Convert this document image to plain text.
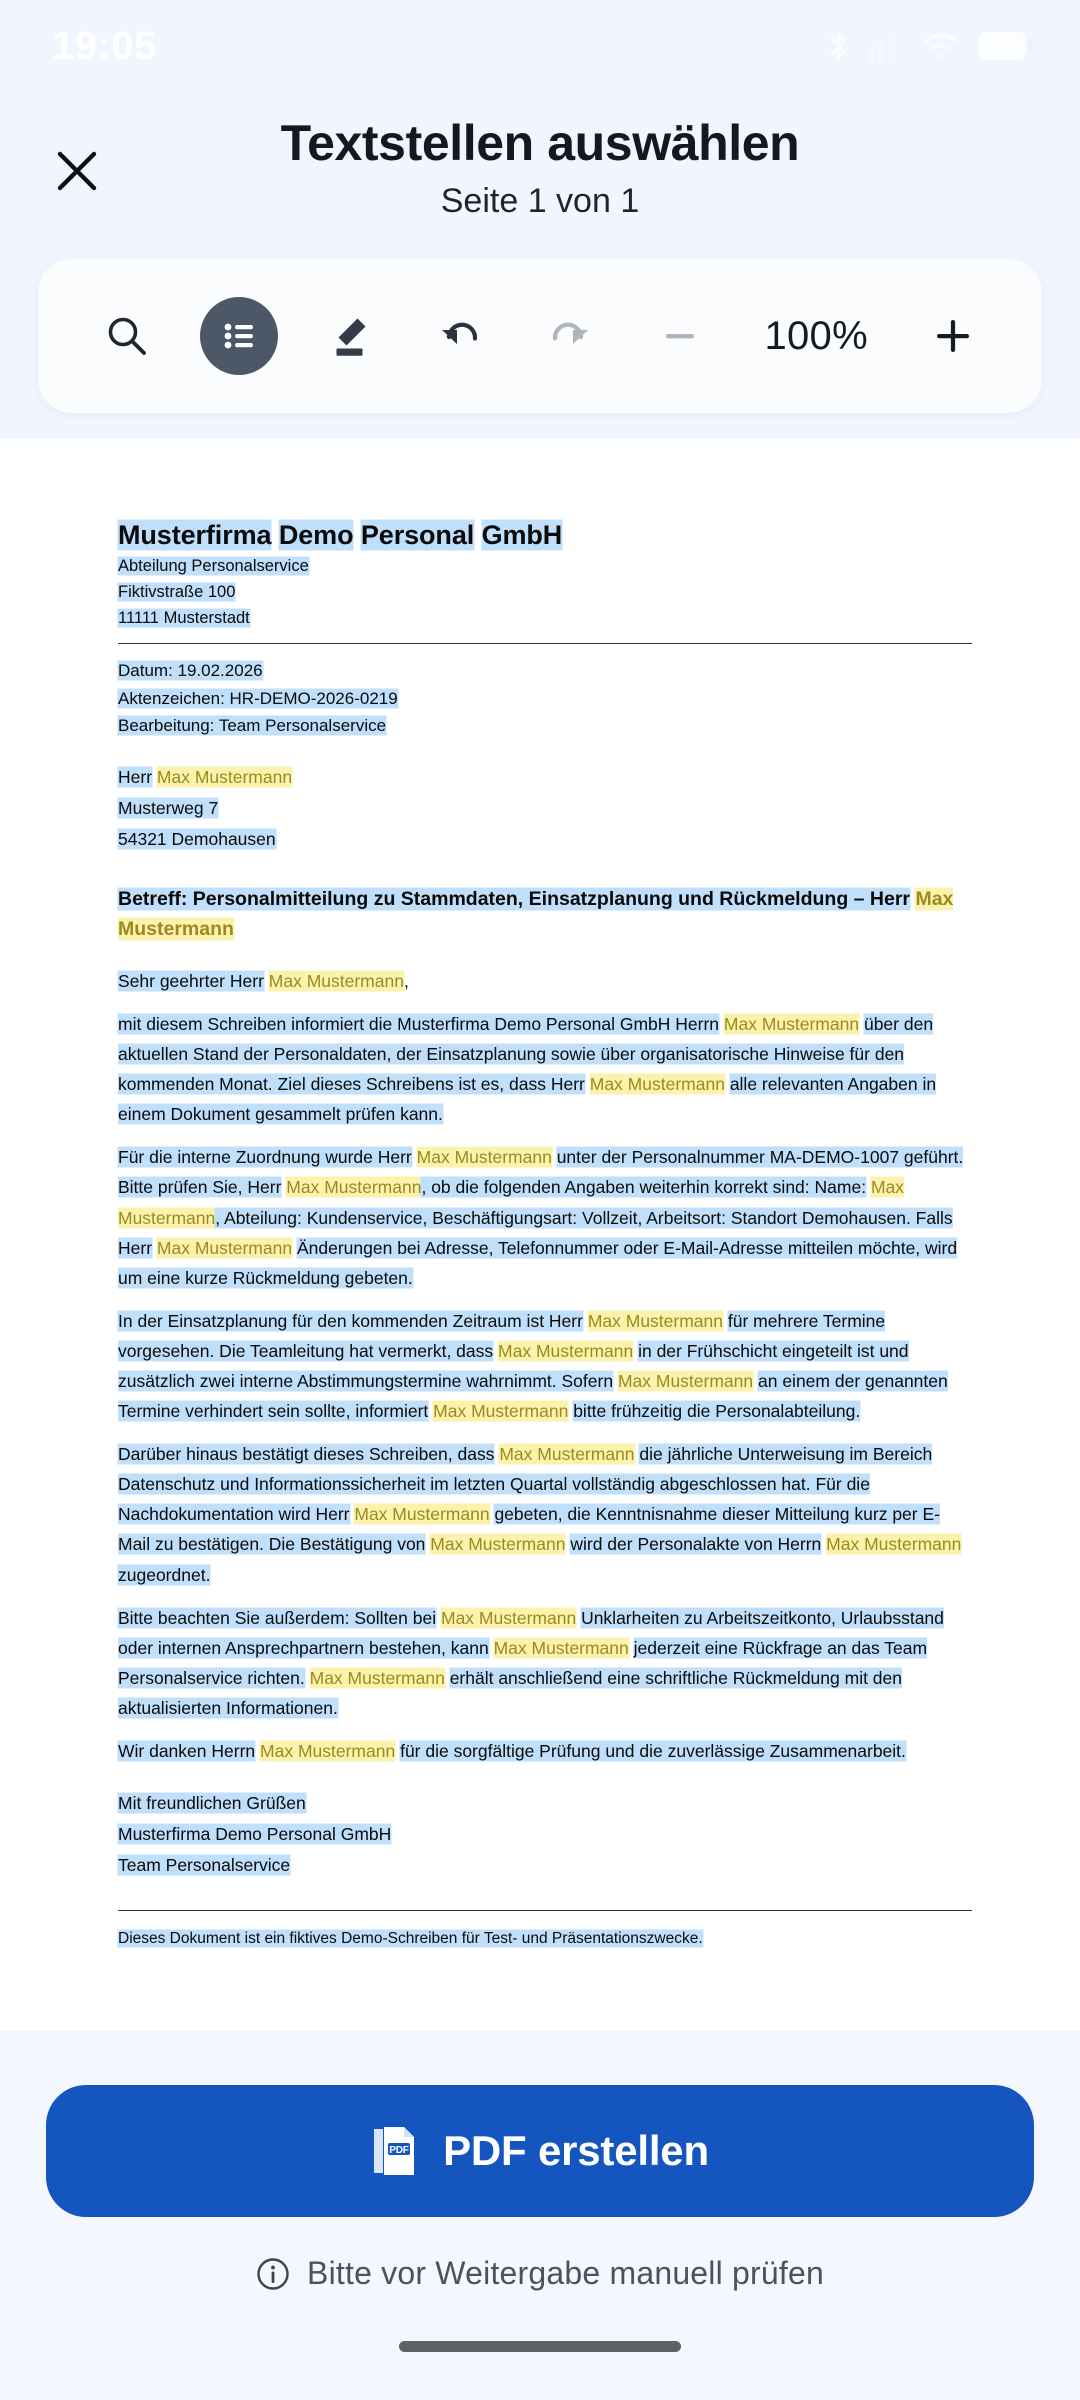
19:05
Textstellen auswählen
Seite 1 von 1
100%
Musterfirma Demo Personal GmbH
Abteilung Personalservice
Fiktivstraße 100
11111 Musterstadt
Datum: 19.02.2026
Aktenzeichen: HR-DEMO-2026-0219
Bearbeitung: Team Personalservice
Herr Max Mustermann
Musterweg 7
54321 Demohausen
Betreff: Personalmitteilung zu Stammdaten, Einsatzplanung und Rückmeldung – Herr Max Mustermann
Sehr geehrter Herr Max Mustermann,
mit diesem Schreiben informiert die Musterfirma Demo Personal GmbH Herrn Max Mustermann über den aktuellen Stand der Personaldaten, der Einsatzplanung sowie über organisatorische Hinweise für den kommenden Monat. Ziel dieses Schreibens ist es, dass Herr Max Mustermann alle relevanten Angaben in einem Dokument gesammelt prüfen kann.
Für die interne Zuordnung wurde Herr Max Mustermann unter der Personalnummer MA-DEMO-1007 geführt. Bitte prüfen Sie, Herr Max Mustermann, ob die folgenden Angaben weiterhin korrekt sind: Name: Max Mustermann, Abteilung: Kundenservice, Beschäftigungsart: Vollzeit, Arbeitsort: Standort Demohausen. Falls Herr Max Mustermann Änderungen bei Adresse, Telefonnummer oder E-Mail-Adresse mitteilen möchte, wird um eine kurze Rückmeldung gebeten.
In der Einsatzplanung für den kommenden Zeitraum ist Herr Max Mustermann für mehrere Termine vorgesehen. Die Teamleitung hat vermerkt, dass Max Mustermann in der Frühschicht eingeteilt ist und zusätzlich zwei interne Abstimmungstermine wahrnimmt. Sofern Max Mustermann an einem der genannten Termine verhindert sein sollte, informiert Max Mustermann bitte frühzeitig die Personalabteilung.
Darüber hinaus bestätigt dieses Schreiben, dass Max Mustermann die jährliche Unterweisung im Bereich Datenschutz und Informationssicherheit im letzten Quartal vollständig abgeschlossen hat. Für die Nachdokumentation wird Herr Max Mustermann gebeten, die Kenntnisnahme dieser Mitteilung kurz per E-Mail zu bestätigen. Die Bestätigung von Max Mustermann wird der Personalakte von Herrn Max Mustermann zugeordnet.
Bitte beachten Sie außerdem: Sollten bei Max Mustermann Unklarheiten zu Arbeitszeitkonto, Urlaubsstand oder internen Ansprechpartnern bestehen, kann Max Mustermann jederzeit eine Rückfrage an das Team Personalservice richten. Max Mustermann erhält anschließend eine schriftliche Rückmeldung mit den aktualisierten Informationen.
Wir danken Herrn Max Mustermann für die sorgfältige Prüfung und die zuverlässige Zusammenarbeit.
Mit freundlichen Grüßen
Musterfirma Demo Personal GmbH
Team Personalservice
Dieses Dokument ist ein fiktives Demo-Schreiben für Test- und Präsentationszwecke.
PDF PDF erstellen
Bitte vor Weitergabe manuell prüfen
